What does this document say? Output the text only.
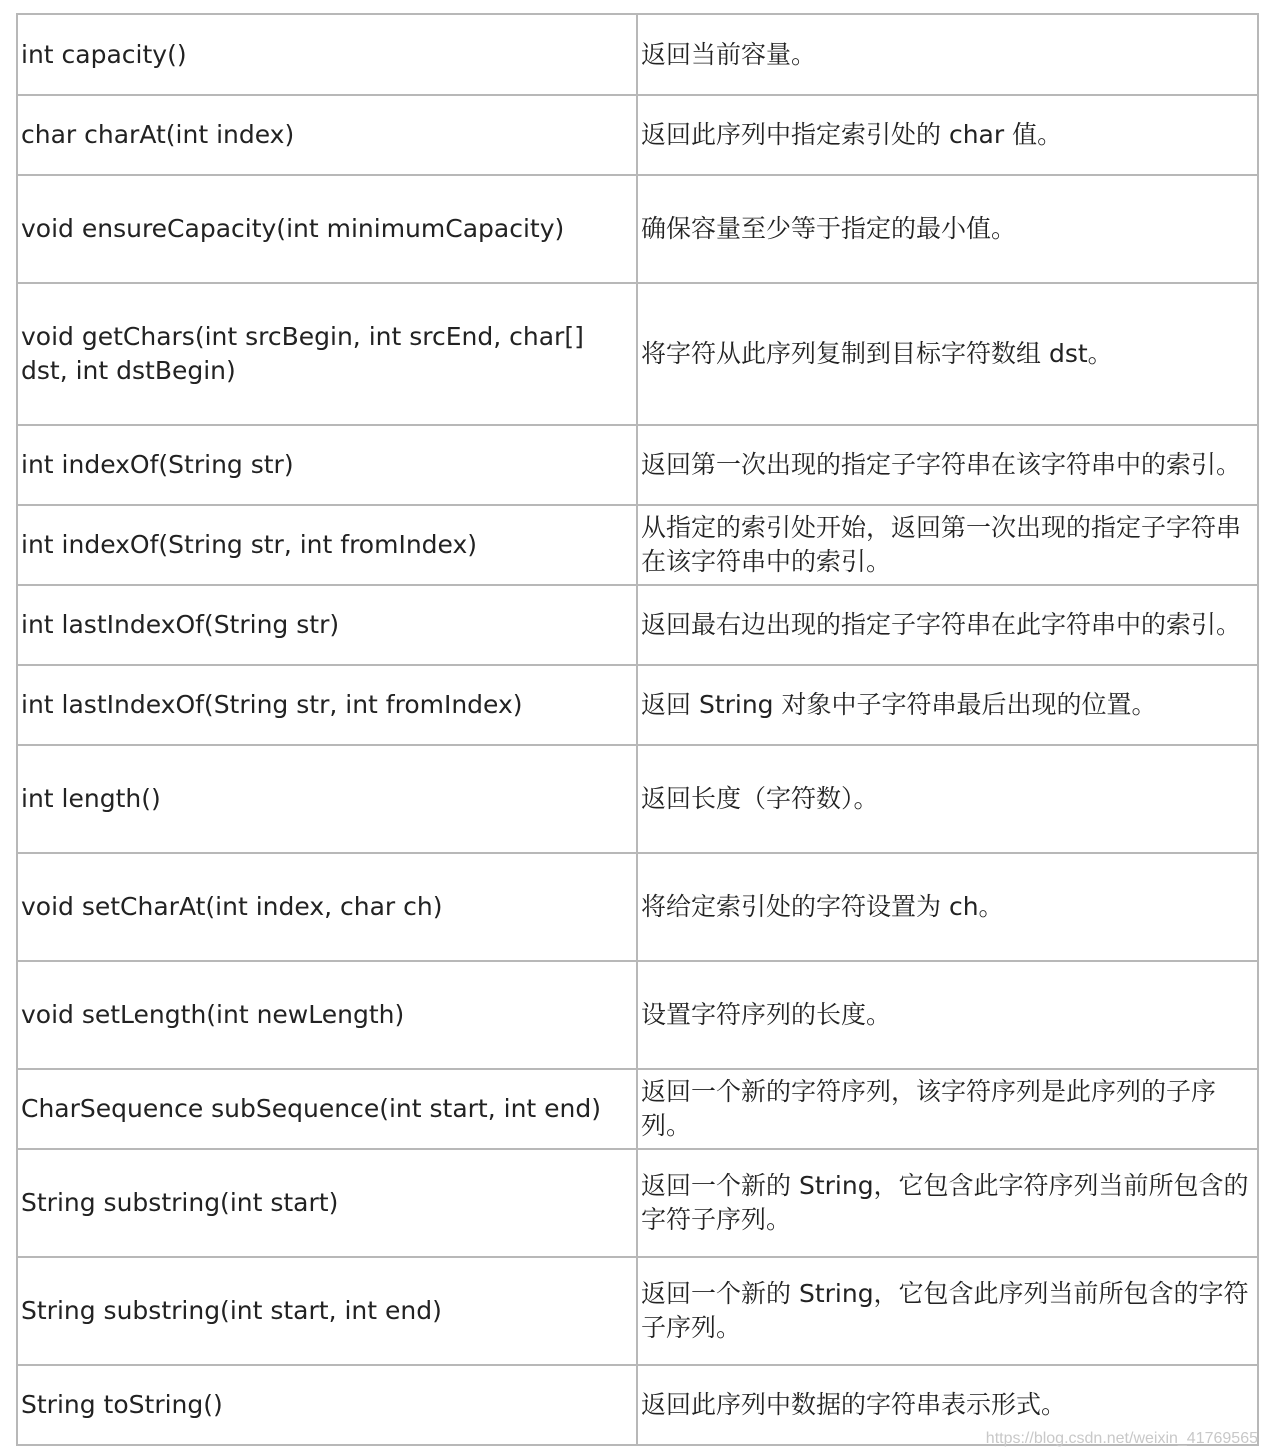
int capacity()	返回当前容量。
char charAt(int index)	返回此序列中指定索引处的 char 值。
void ensureCapacity(int minimumCapacity)	确保容量至少等于指定的最小值。
void getChars(int srcBegin, int srcEnd, char[] dst, int dstBegin)	将字符从此序列复制到目标字符数组 dst。
int indexOf(String str)	返回第一次出现的指定子字符串在该字符串中的索引。
int indexOf(String str, int fromIndex)	从指定的索引处开始，返回第一次出现的指定子字符串在该字符串中的索引。
int lastIndexOf(String str)	返回最右边出现的指定子字符串在此字符串中的索引。
int lastIndexOf(String str, int fromIndex)	返回 String 对象中子字符串最后出现的位置。
int length()	返回长度（字符数）。
void setCharAt(int index, char ch)	将给定索引处的字符设置为 ch。
void setLength(int newLength)	设置字符序列的长度。
CharSequence subSequence(int start, int end)	返回一个新的字符序列，该字符序列是此序列的子序列。
String substring(int start)	返回一个新的 String，它包含此字符序列当前所包含的字符子序列。
String substring(int start, int end)	返回一个新的 String，它包含此序列当前所包含的字符子序列。
String toString()	返回此序列中数据的字符串表示形式。
https://blog.csdn.net/weixin_41769565
